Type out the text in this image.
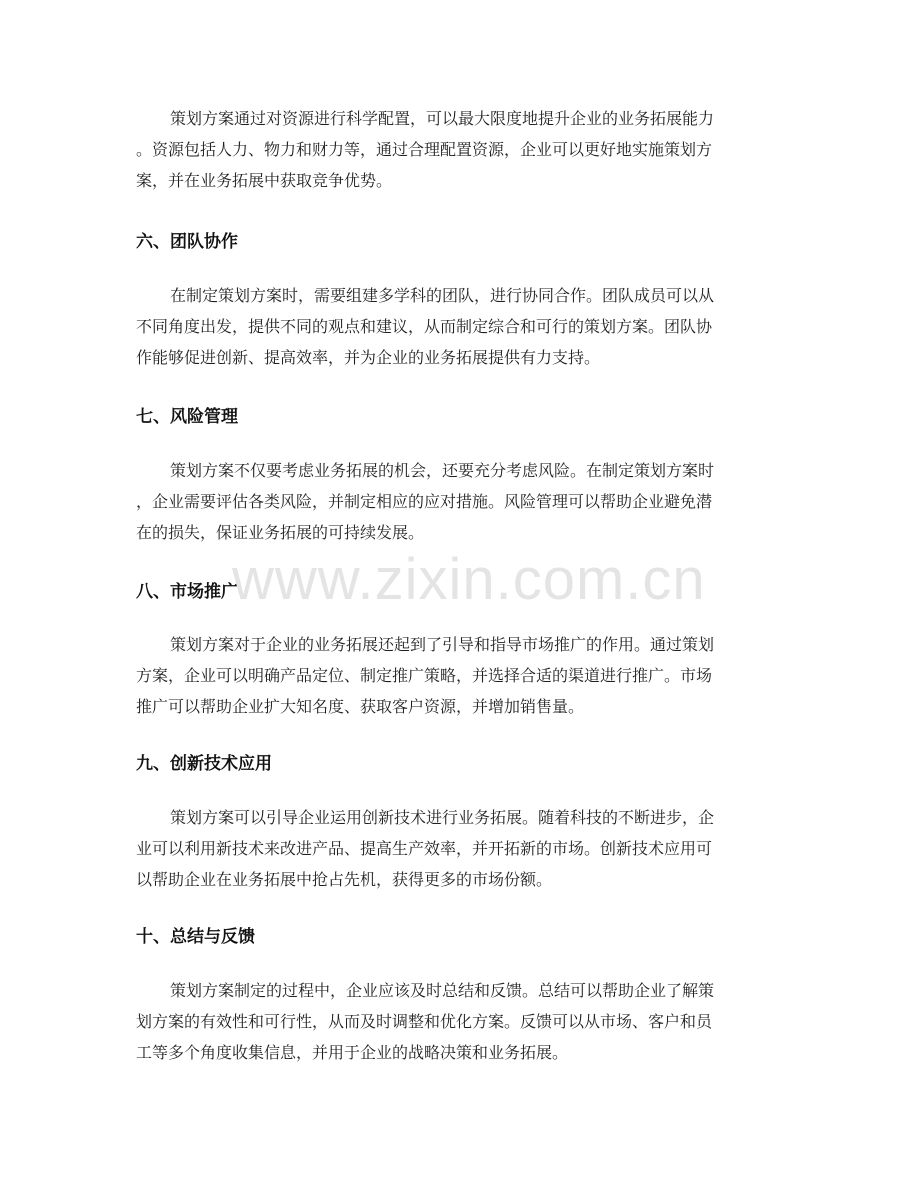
策划方案通过对资源进行科学配置，可以最大限度地提升企业的业务拓展能力
。资源包括人力、物力和财力等，通过合理配置资源，企业可以更好地实施策划方
案，并在业务拓展中获取竞争优势。

六、团队协作

在制定策划方案时，需要组建多学科的团队，进行协同合作。团队成员可以从
不同角度出发，提供不同的观点和建议，从而制定综合和可行的策划方案。团队协
作能够促进创新、提高效率，并为企业的业务拓展提供有力支持。

七、风险管理

策划方案不仅要考虑业务拓展的机会，还要充分考虑风险。在制定策划方案时
，企业需要评估各类风险，并制定相应的应对措施。风险管理可以帮助企业避免潜
在的损失，保证业务拓展的可持续发展。

八、市场推广

策划方案对于企业的业务拓展还起到了引导和指导市场推广的作用。通过策划
方案，企业可以明确产品定位、制定推广策略，并选择合适的渠道进行推广。市场
推广可以帮助企业扩大知名度、获取客户资源，并增加销售量。

九、创新技术应用

策划方案可以引导企业运用创新技术进行业务拓展。随着科技的不断进步，企
业可以利用新技术来改进产品、提高生产效率，并开拓新的市场。创新技术应用可
以帮助企业在业务拓展中抢占先机，获得更多的市场份额。

十、总结与反馈

策划方案制定的过程中，企业应该及时总结和反馈。总结可以帮助企业了解策
划方案的有效性和可行性，从而及时调整和优化方案。反馈可以从市场、客户和员
工等多个角度收集信息，并用于企业的战略决策和业务拓展。

www.zixin.com.cn
